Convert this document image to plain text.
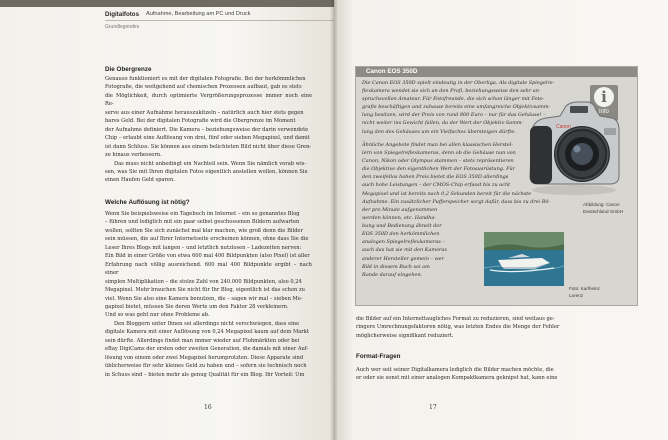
Digitalfotos Aufnahme, Bearbeitung am PC und Druck
Grundlegendes
Die Obergrenze
Genauso funktioniert es mit der digitalen Fotografie. Bei der herkömmlichen
Fotografie, die weitgehend auf chemischen Prozessen aufbaut, gab es stets
die Möglichkeit, durch optimierte Vergrößerungsprozesse immer noch eine Re-
serve aus einer Aufnahme herauszukitzeln – natürlich auch hier stets gegen
bares Geld. Bei der digitalen Fotografie wird die Obergrenze im Moment
der Aufnahme definiert. Die Kamera – beziehungsweise der darin verwendete
Chip – erlaubt eine Auflösung von drei, fünf oder sieben Megapixel, und damit
ist dann Schluss. Sie können aus einem belichteten Bild nicht über diese Gren-
ze hinaus verbessern.
Das muss nicht unbedingt ein Nachteil sein. Wenn Sie nämlich vorab wis-
sen, was Sie mit Ihren digitalen Fotos eigentlich anstellen wollen, können Sie
einen Haufen Geld sparen.
Welche Auflösung ist nötig?
Wenn Sie beispielsweise ein Tagebuch im Internet – ein so genanntes Blog
– führen und lediglich mit ein paar selbst geschossenen Bildern aufwarten
wollen, sollten Sie sich zunächst mal klar machen, wie groß denn die Bilder
sein müssen, die auf Ihrer Internetseite erscheinen können, ohne dass Sie die
Leser Ihres Blogs mit langen – und letztlich nutzlosen – Ladezeiten nerven:
Ein Bild in einer Größe von etwa 600 mal 400 Bildpunkten (also Pixel) ist aller
Erfahrung nach völlig ausreichend. 600 mal 400 Bildpunkte ergibt – nach einer
simplen Multiplikation – die stolze Zahl von 240.000 Bildpunkten, also 0,24
Megapixel. Mehr brauchen Sie nicht für Ihr Blog, eigentlich ist das schon zu
viel. Wenn Sie also eine Kamera benutzen, die – sagen wir mal – sieben Me-
gapixel bietet, müssen Sie deren Werte um den Faktor 28 verkleinern.
Und so was geht nur ohne Probleme ab.
Den Bloggern unter Ihnen sei allerdings nicht verschwiegen, dass eine
digitale Kamera mit einer Auflösung von 0,24 Megapixel kaum auf dem Markt
sein dürfte. Allerdings findet man immer wieder auf Flohmärkten oder bei
eBay DigiCams der ersten oder zweiten Generation, die damals mit einer Auf-
lösung von einem oder zwei Megapixel herumprotzten. Diese Apparate sind
üblicherweise für sehr kleines Geld zu haben und – sofern sie technisch noch
in Schuss sind – bieten mehr als genug Qualität für ein Blog. Ihr Vorteil: Um
16	17
Canon EOS 350D
Die Canon EOS 350D spielt eindeutig in der Oberliga. Als digitale Spiegelre-
flexkamera wendet sie sich an den Profi, beziehungsweise den sehr an-
spruchsvollen Amateur. Für Fotofreunde, die sich schon länger mit Foto-
grafie beschäftigen und zuhause bereits eine umfangreiche Objektivsamm-
lung besitzen, wird der Preis von rund 800 Euro – nur für das Gehäuse! –
nicht weiter ins Gewicht fallen, da der Wert der Objektiv-Samm-
lung den des Gehäuses um ein Vielfaches übersteigen dürfte.
Ähnliche Angebote findet man bei allen klassischen Herstel-
lern von Spiegelreflexkameras, denn ob die Gehäuse nun von
Canon, Nikon oder Olympus stammen – stets repräsentieren
die Objektive den eigentlichen Wert der Fotoausrüstung. Für
den zweifellos hohen Preis bietet die EOS 350D allerdings
auch hohe Leistungen – der CMOS-Chip erfasst bis zu acht
Megapixel und ist bereits nach 0,2 Sekunden bereit für die nächste
Aufnahme. Ein zusätzlicher Pufferspeicher sorgt dafür, dass bis zu drei Bil-
der pro Minute aufgenommen
werden können, etc. Handha-
bung und Bedienung ähnelt der
EOS 350D den herkömmlichen
analogen Spiegelreflexkameras –
auch das hat sie mit den Kameras
anderer Hersteller gemein – wer
Bild in diesem Buch sei am
Rande darauf eingehen.
i
info
Canon
Abbildung: Canon
Deutschland GmbH
Foto: Karlheinz
Lorenz
die Bilder auf ein Internettaugliches Format zu reduzieren, sind weitaus ge-
ringere Umrechnungsfaktoren nötig, was letzten Endes die Menge der Fehler
möglicherweise signifikant reduziert.
Format-Fragen
Auch wer seit seiner Digitalkamera lediglich die Bilder machen möchte, die
er oder sie sonst mit einer analogen Kompaktkamera geknipst hat, kann eine
